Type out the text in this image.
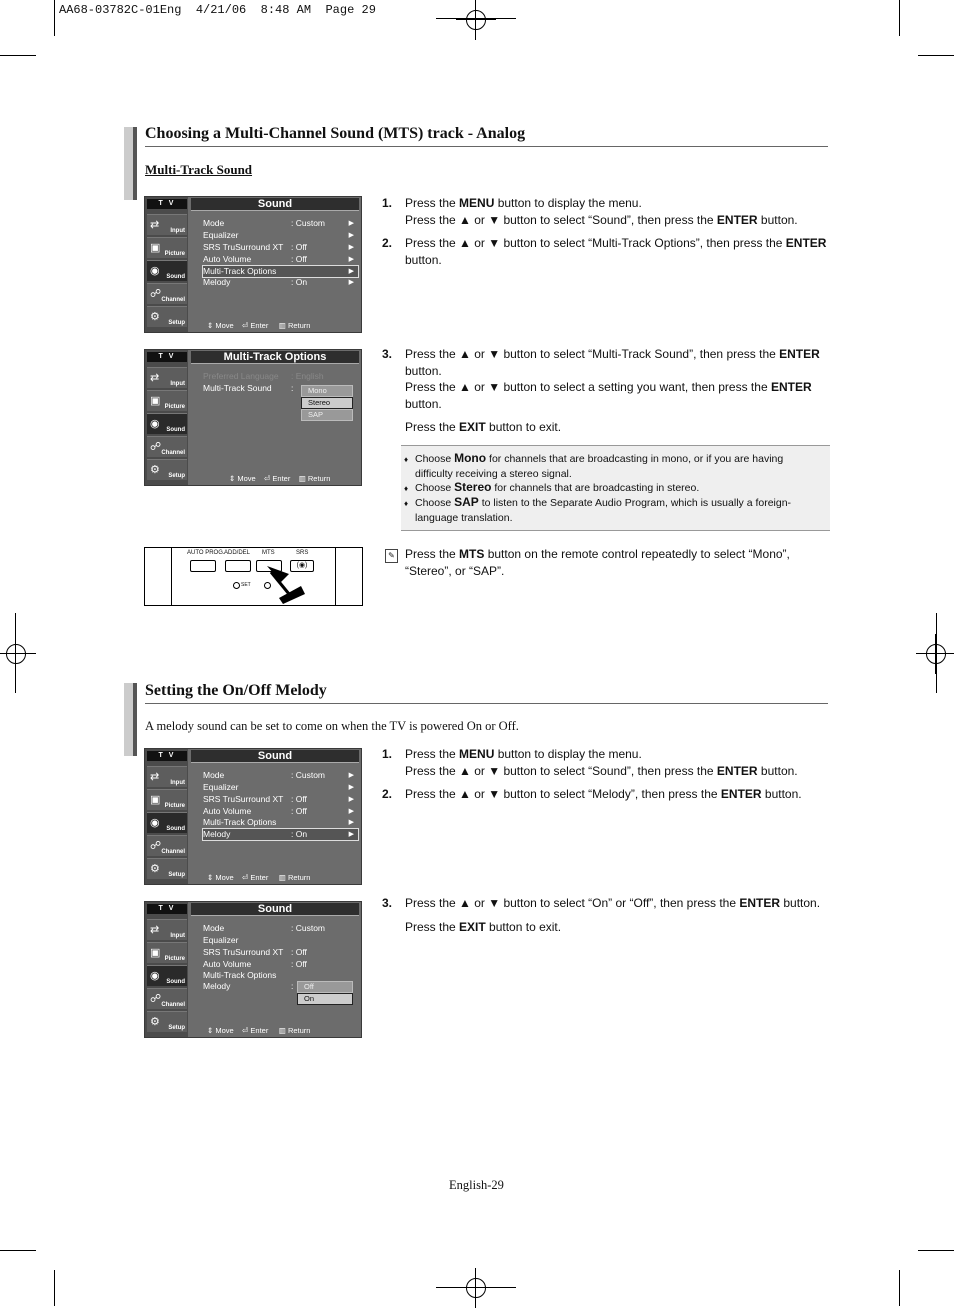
AA68-03782C-01Eng 4/21/06 8:48 AM Page 29
Choosing a Multi-Channel Sound (MTS) track - Analog
Multi-Track Sound
T V	Sound
⇄ Input
▣ Picture
◉ Sound
☍ Channel
⚙ Setup
Mode	: Custom	▶
Equalizer	▶
SRS TruSurround XT : Off	▶
Auto Volume	: Off	▶
Multi-Track Options	▶
Melody	: On	▶
⇕ Move    ⏎ Enter     ▥ Return
T V	Multi-Track Options
⇄ Input
▣ Picture
◉ Sound
☍ Channel
⚙ Setup
Preferred Language : English
Multi-Track Sound :	Mono
Stereo
SAP
⇕ Move    ⏎ Enter    ▥ Return
AUTO PROG. ADD/DEL MTS	SRS
(◉)
SET
1. Press the MENU button to display the menu.
Press the ▲ or ▼ button to select “Sound”, then press the ENTER button.
2. Press the ▲ or ▼ button to select “Multi-Track Options”, then press the ENTER
button.
3. Press the ▲ or ▼ button to select “Multi-Track Sound”, then press the ENTER
button.
Press the ▲ or ▼ button to select a setting you want, then press the ENTER
button.
Press the EXIT button to exit.
♦ Choose Mono for channels that are broadcasting in mono, or if you are having difficulty receiving a stereo signal.
♦ Choose Stereo for channels that are broadcasting in stereo.
♦ Choose SAP to listen to the Separate Audio Program, which is usually a foreign-language translation.
✎ Press the MTS button on the remote control repeatedly to select “Mono”, “Stereo”, or “SAP”.
Setting the On/Off Melody
A melody sound can be set to come on when the TV is powered On or Off.
T V	Sound
⇄ Input
▣ Picture
◉ Sound
☍ Channel
⚙ Setup
Mode	: Custom	▶
Equalizer	▶
SRS TruSurround XT : Off	▶
Auto Volume	: Off	▶
Multi-Track Options	▶
Melody	: On	▶
⇕ Move    ⏎ Enter     ▥ Return
T V	Sound
⇄ Input
▣ Picture
◉ Sound
☍ Channel
⚙ Setup
Mode	: Custom
Equalizer
SRS TruSurround XT : Off
Auto Volume	: Off
Multi-Track Options
Melody	:	Off
On
⇕ Move    ⏎ Enter     ▥ Return
1. Press the MENU button to display the menu.
Press the ▲ or ▼ button to select “Sound”, then press the ENTER button.
2. Press the ▲ or ▼ button to select “Melody”, then press the ENTER button.
3. Press the ▲ or ▼ button to select “On” or “Off”, then press the ENTER button.
Press the EXIT button to exit.
English-29
